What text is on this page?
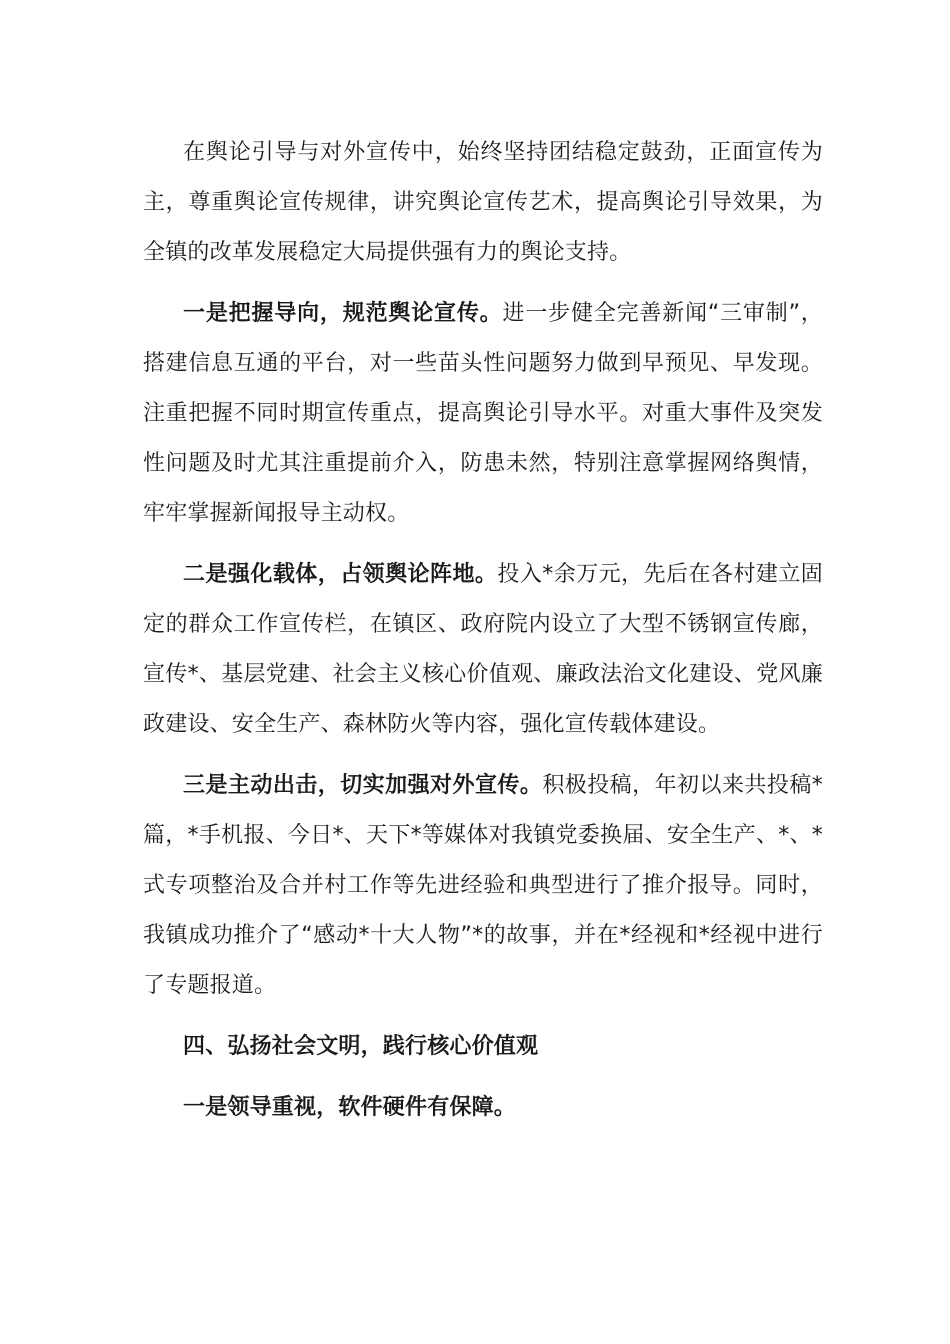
在舆论引导与对外宣传中，始终坚持团结稳定鼓劲，正面宣传为主，尊重舆论宣传规律，讲究舆论宣传艺术，提高舆论引导效果，为全镇的改革发展稳定大局提供强有力的舆论支持。

一是把握导向，规范舆论宣传。进一步健全完善新闻“三审制”，搭建信息互通的平台，对一些苗头性问题努力做到早预见、早发现。注重把握不同时期宣传重点，提高舆论引导水平。对重大事件及突发性问题及时尤其注重提前介入，防患未然，特别注意掌握网络舆情，牢牢掌握新闻报导主动权。

二是强化载体，占领舆论阵地。投入*余万元，先后在各村建立固定的群众工作宣传栏，在镇区、政府院内设立了大型不锈钢宣传廊，宣传*、基层党建、社会主义核心价值观、廉政法治文化建设、党风廉政建设、安全生产、森林防火等内容，强化宣传载体建设。

三是主动出击，切实加强对外宣传。积极投稿，年初以来共投稿*篇，*手机报、今日*、天下*等媒体对我镇党委换届、安全生产、*、*式专项整治及合并村工作等先进经验和典型进行了推介报导。同时，我镇成功推介了“感动*十大人物”*的故事，并在*经视和*经视中进行了专题报道。

四、弘扬社会文明，践行核心价值观

一是领导重视，软件硬件有保障。
